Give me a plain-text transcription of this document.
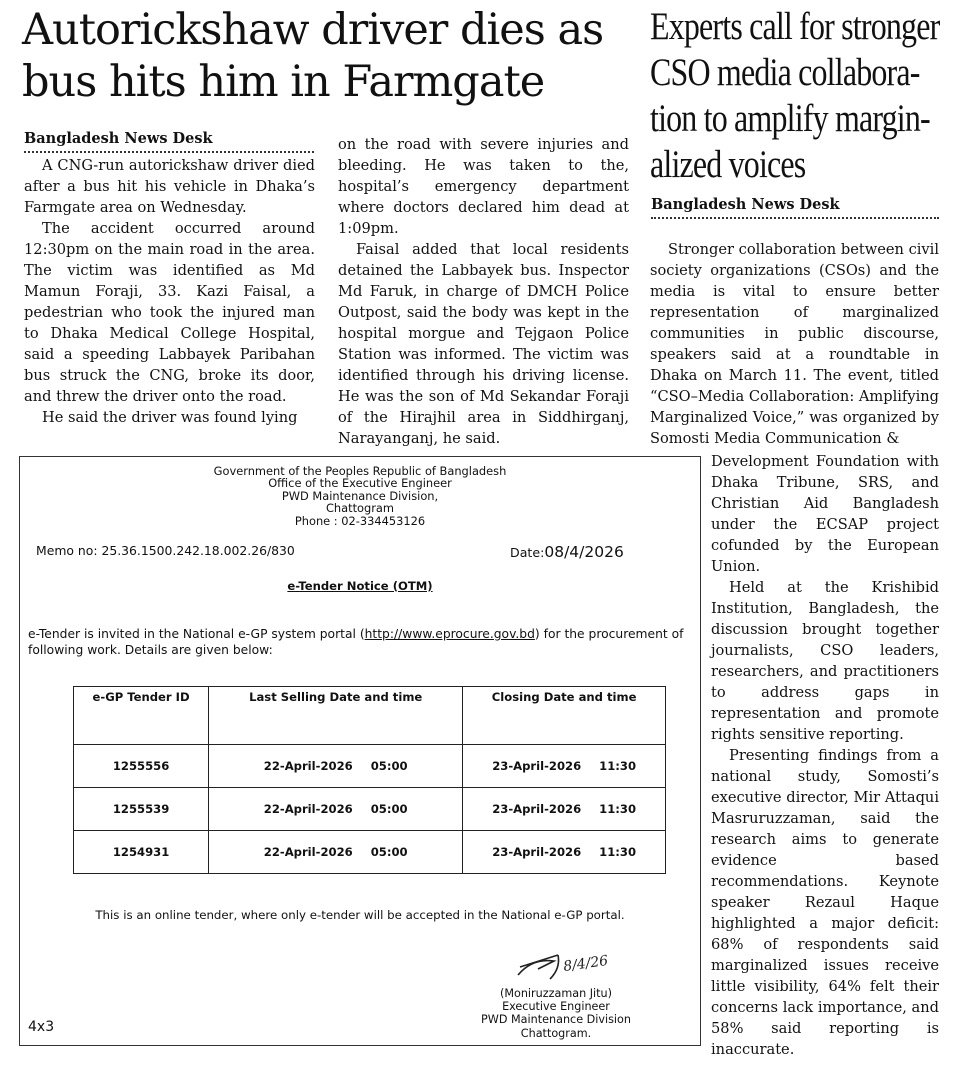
Autorickshaw driver dies as
bus hits him in Farmgate
Bangladesh News Desk

A CNG-run autorickshaw driver died after a bus hit his vehicle in Dhaka’s Farmgate area on Wednesday.

The accident occurred around 12:30pm on the main road in the area. The victim was identified as Md Mamun Foraji, 33. Kazi Faisal, a pedestrian who took the injured man to Dhaka Medical College Hospital, said a speeding Labbayek Paribahan bus struck the CNG, broke its door, and threw the driver onto the road.

He said the driver was found lying

on the road with severe injuries and bleeding. He was taken to the, hospital’s emergency department where doctors declared him dead at 1:09pm.

Faisal added that local residents detained the Labbayek bus. Inspector Md Faruk, in charge of DMCH Police Outpost, said the body was kept in the hospital morgue and Tejgaon Police Station was informed. The victim was identified through his driving license. He was the son of Md Sekandar Foraji of the Hirajhil area in Siddhirganj, Narayanganj, he said.

Experts call for stronger
CSO media collabora-
tion to amplify margin-
alized voices
Bangladesh News Desk

Stronger collaboration between civil society organizations (CSOs) and the media is vital to ensure better representation of marginalized communities in public discourse, speakers said at a roundtable in Dhaka on March 11. The event, titled “CSO–Media Collaboration: Amplifying Marginalized Voice,” was organized by Somosti Media Communication &

Development Foundation with Dhaka Tribune, SRS, and Christian Aid Bangladesh under the ECSAP project cofunded by the European Union.

Held at the Krishibid Institution, Bangladesh, the discussion brought together journalists, CSO leaders, researchers, and practitioners to address gaps in representation and promote rights sensitive reporting.

Presenting findings from a national study, Somosti’s executive director, Mir Attaqui Masruruzzaman, said the research aims to generate evidence based recommendations. Keynote speaker Rezaul Haque highlighted a major deficit: 68% of respondents said marginalized issues receive little visibility, 64% felt their concerns lack importance, and 58% said reporting is inaccurate.

Government of the Peoples Republic of Bangladesh
Office of the Executive Engineer
PWD Maintenance Division,
Chattogram
Phone : 02-334453126
Memo no: 25.36.1500.242.18.002.26/830	Date:08/4/2026
e-Tender Notice (OTM)
e-Tender is invited in the National e-GP system portal (http://www.eprocure.gov.bd) for the procurement of following work. Details are given below:
e-GP Tender ID	Last Selling Date and time	Closing Date and time
1255556	22-April-2026 05:00	23-April-2026 11:30
1255539	22-April-2026 05:00	23-April-2026 11:30
1254931	22-April-2026 05:00	23-April-2026 11:30
This is an online tender, where only e-tender will be accepted in the National e-GP portal.
8/4/26
(Moniruzzaman Jitu)
Executive Engineer
PWD Maintenance Division
Chattogram.
4x3
